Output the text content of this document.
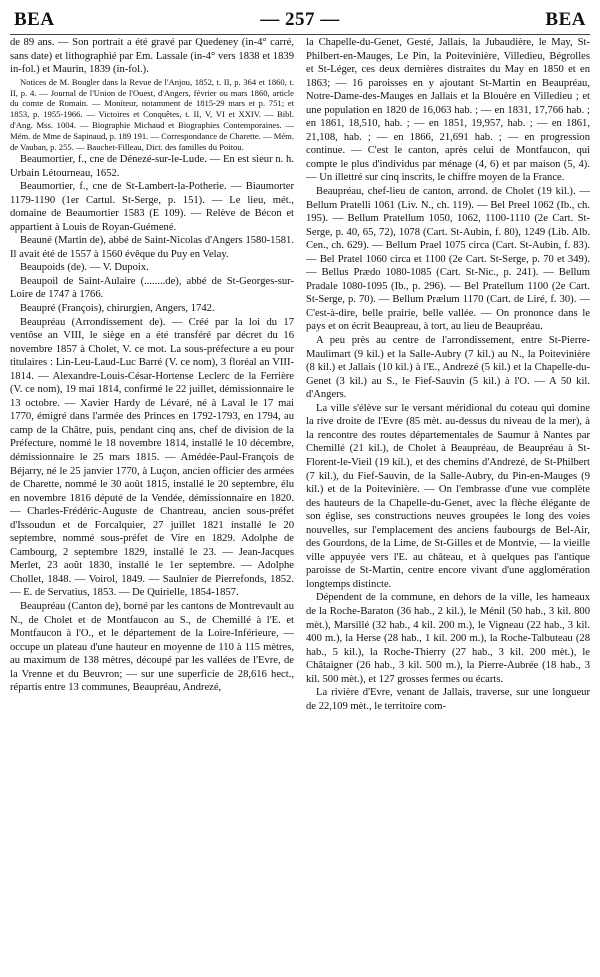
BEA	— 257 —	BEA

de 89 ans. — Son portrait a été gravé par Quedeney (in-4° carré, sans date) et lithographié par Em. Lassale (in-4° vers 1838 et 1839 in-fol.) et Maurin, 1839 (in-fol.).

Notices de M. Bougler dans la Revue de l'Anjou, 1852, t. II, p. 364 et 1860, t. II, p. 4. — Journal de l'Union de l'Ouest, d'Angers, février ou mars 1860, article du comte de Romain. — Moniteur, notamment de 1815-29 mars et p. 751; et 1853, p. 1955-1966. — Victoires et Conquêtes, t. II, V, VI et XXIV. — Bibl. d'Ang. Mss. 1004. — Biographie Michaud et Biographies Contemporaines. — Mém. de Mme de Sapinaud, p. 189 191. — Correspondance de Charette. — Mém. de Vauban, p. 255. — Bauchet-Filleau, Dict. des familles du Poitou.

Beaumortier, f., cne de Dénezé-sur-le-Lude. — En est sieur n. h. Urbain Létourneau, 1652.

Beaumortier, f., cne de St-Lambert-la-Potherie. — Biaumorter 1179-1190 (1er Cartul. St-Serge, p. 151). — Le lieu, mét., domaine de Beaumortier 1583 (E 109). — Relève de Bécon et appartient à Louis de Royan-Guémené.

Beauné (Martin de), abbé de Saint-Nicolas d'Angers 1580-1581. Il avait été de 1557 à 1560 évêque du Puy en Velay.

Beaupoids (de). — V. Dupoix.

Beaupoil de Saint-Aulaire (........de), abbé de St-Georges-sur-Loire de 1747 à 1766.

Beaupré (François), chirurgien, Angers, 1742.

Beaupréau (Arrondissement de). — Créé par la loi du 17 ventôse an VIII, le siège en a été transféré par décret du 16 novembre 1857 à Cholet, V. ce mot. La sous-préfecture a eu pour titulaires : Lin-Leu-Laud-Luc Barré (V. ce nom), 3 floréal an VIII-1814. — Alexandre-Louis-César-Hortense Leclerc de la Ferrière (V. ce nom), 19 mai 1814, confirmé le 22 juillet, démissionnaire le 13 octobre. — Xavier Hardy de Lévaré, né à Laval le 17 mai 1770, émigré dans l'armée des Princes en 1792-1793, en 1794, au camp de la Châtre, puis, pendant cinq ans, chef de division de la Préfecture, nommé le 18 novembre 1814, installé le 10 décembre, démissionnaire le 25 mars 1815. — Amédée-Paul-François de Béjarry, né le 25 janvier 1770, à Luçon, ancien officier des armées de Charette, nommé le 30 août 1815, installé le 20 septembre, élu en novembre 1816 député de la Vendée, démissionnaire en 1820. — Charles-Frédéric-Auguste de Chantreau, ancien sous-préfet d'Issoudun et de Forcalquier, 27 juillet 1821 installé le 20 septembre, nommé sous-préfet de Vire en 1829. Adolphe de Cambourg, 2 septembre 1829, installé le 23. — Jean-Jacques Merlet, 23 août 1830, installé le 1er septembre. — Adolphe Chollet, 1848. — Voirol, 1849. — Saulnier de Pierrefonds, 1852. — E. de Servatius, 1853. — De Quirielle, 1854-1857.

Beaupréau (Canton de), borné par les cantons de Montrevault au N., de Cholet et de Montfaucon au S., de Chemillé à l'E. et Montfaucon à l'O., et le département de la Loire-Inférieure, — occupe un plateau d'une hauteur en moyenne de 110 à 115 mètres, au maximum de 138 mètres, découpé par les vallées de l'Evre, de la Vrenne et du Beuvron; — sur une superficie de 28,616 hect., répartis entre 13 communes, Beaupréau, Andrezé,

la Chapelle-du-Genet, Gesté, Jallais, la Jubaudière, le May, St-Philbert-en-Mauges, Le Pin, la Poitevinière, Villedieu, Bégrolles et St-Léger, ces deux dernières distraites du May en 1850 et en 1863; — 16 paroisses en y ajoutant St-Martin en Beaupréau, Notre-Dame-des-Mauges en Jallais et la Blouère en Villedieu ; et une population en 1820 de 16,063 hab. ; — en 1831, 17,766 hab. ; en 1861, 18,510, hab. ; — en 1851, 19,957, hab. ; — en 1861, 21,108, hab. ; — en 1866, 21,691 hab. ; — en progression continue. — C'est le canton, après celui de Montfaucon, qui compte le plus d'individus par ménage (4, 6) et par maison (5, 4). — Un illettré sur cinq inscrits, le chiffre moyen de la France.

Beaupréau, chef-lieu de canton, arrond. de Cholet (19 kil.). — Bellum Pratelli 1061 (Liv. N., ch. 119). — Bel Preel 1062 (Ib., ch. 195). — Bellum Pratellum 1050, 1062, 1100-1110 (2e Cart. St-Serge, p. 40, 65, 72), 1078 (Cart. St-Aubin, f. 80), 1249 (Lib. Alb. Cen., ch. 629). — Bellum Prael 1075 circa (Cart. St-Aubin, f. 83). — Bel Pratel 1060 circa et 1100 (2e Cart. St-Serge, p. 70 et 349). — Bellus Prædo 1080-1085 (Cart. St-Nic., p. 241). — Bellum Pradale 1080-1095 (Ib., p. 296). — Bel Pratellum 1100 (2e Cart. St-Serge, p. 70). — Bellum Prælum 1170 (Cart. de Liré, f. 30). — C'est-à-dire, belle prairie, belle vallée. — On prononce dans le pays et on écrit Beaupreau, à tort, au lieu de Beaupréau.

A peu près au centre de l'arrondissement, entre St-Pierre-Maulimart (9 kil.) et la Salle-Aubry (7 kil.) au N., la Poitevinière (8 kil.) et Jallais (10 kil.) à l'E., Andrezé (5 kil.) et la Chapelle-du-Genet (3 kil.) au S., le Fief-Sauvin (5 kil.) à l'O. — A 50 kil. d'Angers.

La ville s'élève sur le versant méridional du coteau qui domine la rive droite de l'Evre (85 mèt. au-dessus du niveau de la mer), à la rencontre des routes départementales de Saumur à Nantes par Chemillé (21 kil.), de Cholet à Beaupréau, de Beaupréau à St-Florent-le-Vieil (19 kil.), et des chemins d'Andrezé, de St-Philbert (7 kil.), du Fief-Sauvin, de la Salle-Aubry, du Pin-en-Mauges (9 kil.) et de la Poitevinière. — On l'embrasse d'une vue complète des hauteurs de la Chapelle-du-Genet, avec la flèche élégante de son église, ses constructions neuves groupées le long des voies nouvelles, sur l'emplacement des anciens faubourgs de Bel-Air, des Gourdons, de la Lime, de St-Gilles et de Montvie, — la vieille ville appuyée vers l'E. au château, et à quelques pas l'antique paroisse de St-Martin, centre encore vivant d'une agglomération longtemps distincte.

Dépendent de la commune, en dehors de la ville, les hameaux de la Roche-Baraton (36 hab., 2 kil.), le Ménil (50 hab., 3 kil. 800 mèt.), Marsillé (32 hab., 4 kil. 200 m.), le Vigneau (22 hab., 3 kil. 400 m.), la Herse (28 hab., 1 kil. 200 m.), la Roche-Talbuteau (28 hab., 5 kil.), la Roche-Thierry (27 hab., 3 kil. 200 mèt.), le Châtaigner (26 hab., 3 kil. 500 m.), la Pierre-Aubrée (18 hab., 3 kil. 500 mèt.), et 127 grosses fermes ou écarts.

La rivière d'Evre, venant de Jallais, traverse, sur une longueur de 22,109 mèt., le territoire com-
